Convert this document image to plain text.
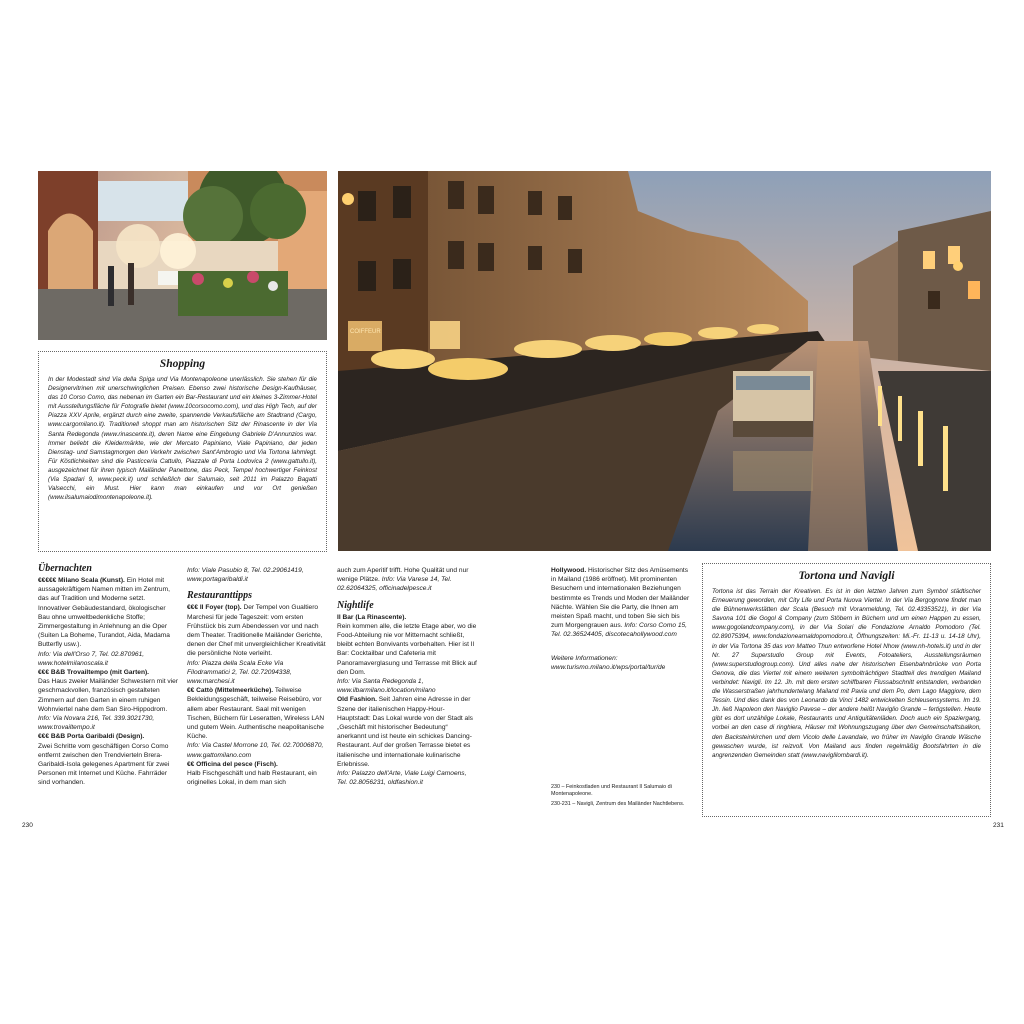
COIFFEUR
Shopping

In der Modestadt sind Via della Spiga und Via Montenapoleone unerlässlich. Sie stehen für die Designervitrinen mit unerschwinglichen Preisen. Ebenso zwei historische Design-Kaufhäuser, das 10 Corso Como, das nebenan im Garten ein Bar-Restaurant und ein kleines 3-Zimmer-Hotel mit Ausstellungsfläche für Fotografie bietet (www.10corsocomo.com), und das High Tech, auf der Piazza XXV Aprile, ergänzt durch eine zweite, spannende Verkaufsfläche am Stadtrand (Cargo, www.cargomilano.it). Traditionell shoppt man am historischen Sitz der Rinascente in der Via Santa Redegonda (www.rinascente.it), deren Name eine Eingebung Gabriele D'Annunzios war. Immer beliebt die Kleidermärkte, wie der Mercato Papiniano, Viale Papiniano, der jeden Dienstag- und Samstagmorgen den Verkehr zwischen Sant'Ambrogio und Via Tortona lahmlegt. Für Köstlichkeiten sind die Pasticceria Cattullo, Piazzale di Porta Lodovica 2 (www.gattullo.it), ausgezeichnet für ihren typisch Mailänder Panettone, das Peck, Tempel hochwertiger Feinkost (Via Spadari 9, www.peck.it) und schließlich der Salumaio, seit 2011 im Palazzo Bagatti Valsecchi, ein Must. Hier kann man einkaufen und vor Ort genießen (www.ilsalumaiodimontenapoleone.it).

Übernachten

€€€€€ Milano Scala (Kunst). Ein Hotel mit aussagekräftigem Namen mitten im Zentrum, das auf Tradition und Moderne setzt. Innovativer Gebäudestandard, ökologischer Bau ohne umweltbedenkliche Stoffe; Zimmergestaltung in Anlehnung an die Oper (Suiten La Boheme, Turandot, Aida, Madama Butterfly usw.).

Info: Via dell'Orso 7, Tel. 02.870961, www.hotelmilanoscala.it

€€€ B&B Trovailtempo (mit Garten).

Das Haus zweier Mailänder Schwestern mit vier geschmackvollen, französisch gestalteten Zimmern auf den Garten in einem ruhigen Wohnviertel nahe dem San Siro-Hippodrom.

Info: Via Novara 216, Tel. 339.3021730, www.trovailtempo.it

€€€ B&B Porta Garibaldi (Design).

Zwei Schritte vom geschäftigen Corso Como entfernt zwischen den Trendvierteln Brera-Garibaldi-Isola gelegenes Apartment für zwei Personen mit Internet und Küche. Fahrräder sind vorhanden.

Info: Viale Pasubio 8, Tel. 02.29061419, www.portagaribaldi.it

Restauranttipps

€€€ Il Foyer (top). Der Tempel von Gualtiero Marchesi für jede Tageszeit: vom ersten Frühstück bis zum Abendessen vor und nach dem Theater. Traditionelle Mailänder Gerichte, denen der Chef mit unvergleichlicher Kreativität die persönliche Note verleiht.

Info: Piazza della Scala Ecke Via Filodrammatici 2, Tel. 02.72094338, www.marchesi.it

€€ Cattò (Mittelmeerküche). Teilweise Bekleidungsgeschäft, teilweise Reisebüro, vor allem aber Restaurant. Saal mit wenigen Tischen, Büchern für Leseratten, Wireless LAN und gutem Wein. Authentische neapolitanische Küche.

Info: Via Castel Morrone 10, Tel. 02.70006870, www.gattomilano.com

€€ Officina del pesce (Fisch).

Halb Fischgeschäft und halb Restaurant, ein originelles Lokal, in dem man sich

auch zum Aperitif trifft. Hohe Qualität und nur wenige Plätze. Info: Via Varese 14, Tel. 02.62064325, officinadelpesce.it

Nightlife

Il Bar (La Rinascente).

Rein kommen alle, die letzte Etage aber, wo die Food-Abteilung nie vor Mitternacht schließt, bleibt echten Bonvivants vorbehalten. Hier ist Il Bar: Cocktailbar und Cafeteria mit Panoramaverglasung und Terrasse mit Blick auf den Dom.

Info: Via Santa Redegonda 1, www.ilbarmilano.it/location/milano

Old Fashion. Seit Jahren eine Adresse in der Szene der italienischen Happy-Hour-Hauptstadt: Das Lokal wurde von der Stadt als „Geschäft mit historischer Bedeutung“ anerkannt und ist heute ein schickes Dancing-Restaurant. Auf der großen Terrasse bietet es italienische und internationale kulinarische Erlebnisse.

Info: Palazzo dell'Arte, Viale Luigi Camoens, Tel. 02.8056231, oldfashion.it

Hollywood. Historischer Sitz des Amüsements in Mailand (1986 eröffnet). Mit prominenten Besuchern und internationalen Beziehungen bestimmte es Trends und Moden der Mailänder Nächte. Wählen Sie die Party, die Ihnen am meisten Spaß macht, und toben Sie sich bis zum Morgengrauen aus. Info: Corso Como 15, Tel. 02.36524405, discotecahollywood.com

Weitere Informationen:

www.turismo.milano.it/wps/portal/tur/de

230 – Feinkostladen und Restaurant Il Salumaio di Montenapoleone.
230-231 – Navigli, Zentrum des Mailänder Nachtlebens.
Tortona und Navigli

Tortona ist das Terrain der Kreativen. Es ist in den letzten Jahren zum Symbol städtischer Erneuerung geworden, mit City Life und Porta Nuova Viertel. In der Via Bergognone findet man die Bühnenwerkstätten der Scala (Besuch mit Voranmeldung, Tel. 02.43353521), in der Via Savona 101 die Gogol & Company (zum Stöbern in Büchern und um einen Happen zu essen, www.gogolandcompany.com), in der Via Solari die Fondazione Arnaldo Pomodoro (Tel. 02.89075394, www.fondazionearnaldopomodoro.it, Öffnungszeiten: Mi.-Fr. 11-13 u. 14-18 Uhr), in der Via Tortona 35 das von Matteo Thun entworfene Hotel Nhow (www.nh-hotels.it) und in der Nr. 27 Superstudio Group mit Events, Fotoateliers, Ausstellungsräumen (www.superstudiogroup.com). Und alles nahe der historischen Eisenbahnbrücke von Porta Genova, die das Viertel mit einem weiteren symbolträchtigen Stadtteil des trendigen Mailand verbindet: Navigli. Im 12. Jh. mit dem ersten schiffbaren Flussabschnitt entstanden, verbanden die Wasserstraßen jahrhundertelang Mailand mit Pavia und dem Po, dem Lago Maggiore, dem Tessin. Und dies dank des von Leonardo da Vinci 1482 entwickelten Schleusensystems. Im 19. Jh. ließ Napoleon den Naviglio Pavese – der andere heißt Naviglio Grande – fertigstellen. Heute gibt es dort unzählige Lokale, Restaurants und Antiquitätenläden. Doch auch ein Spaziergang, vorbei an den case di ringhiera, Häuser mit Wohnungszugang über den Gemeinschaftsbalkon, den Backsteinkirchen und dem Vicolo delle Lavandaie, wo früher im Naviglio Grande Wäsche gewaschen wurde, ist reizvoll. Von Mailand aus finden regelmäßig Bootsfahrten in die angrenzenden Gemeinden statt (www.naviglilombardi.it).

230	231
